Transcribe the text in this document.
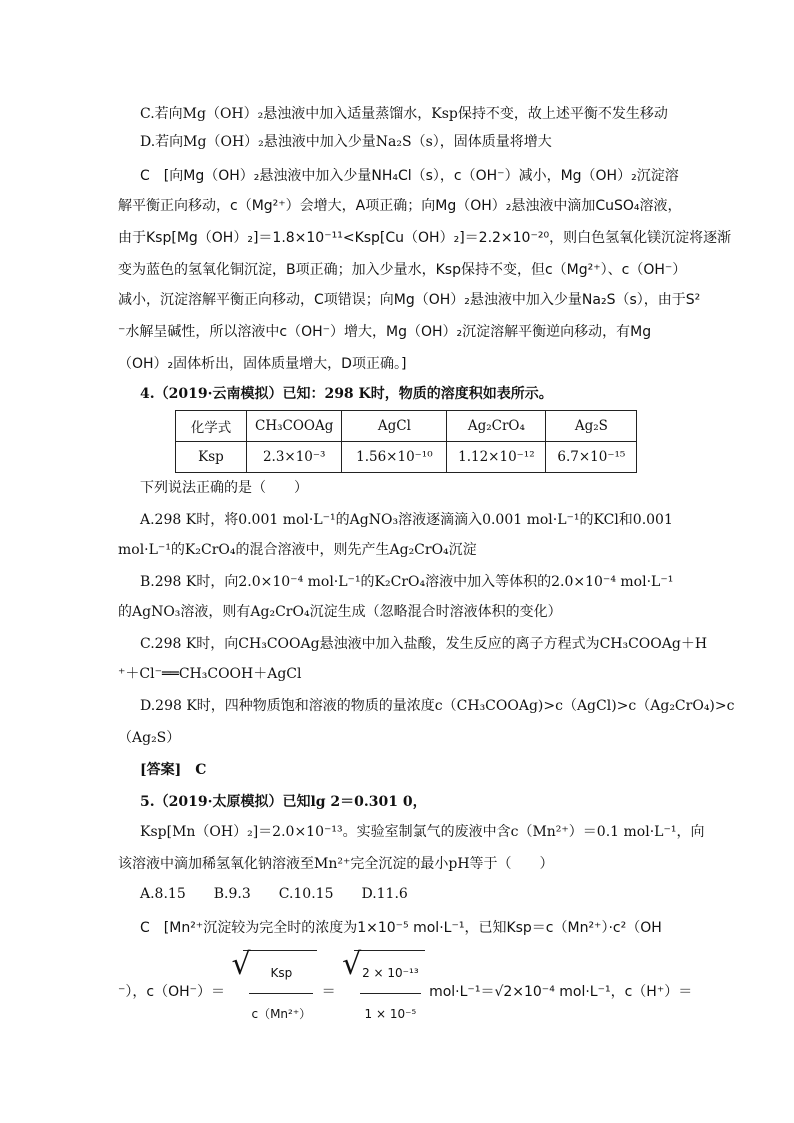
C.若向Mg（OH）₂悬浊液中加入适量蒸馏水，Ksp保持不变，故上述平衡不发生移动
D.若向Mg（OH）₂悬浊液中加入少量Na₂S（s），固体质量将增大
C　[向Mg（OH）₂悬浊液中加入少量NH₄Cl（s），c（OH⁻）减小，Mg（OH）₂沉淀溶
解平衡正向移动，c（Mg²⁺）会增大，A项正确；向Mg（OH）₂悬浊液中滴加CuSO₄溶液，
由于Ksp[Mg（OH）₂]＝1.8×10⁻¹¹<Ksp[Cu（OH）₂]＝2.2×10⁻²⁰，则白色氢氧化镁沉淀将逐渐
变为蓝色的氢氧化铜沉淀，B项正确；加入少量水，Ksp保持不变，但c（Mg²⁺）、c（OH⁻）
减小，沉淀溶解平衡正向移动，C项错误；向Mg（OH）₂悬浊液中加入少量Na₂S（s），由于S²
⁻水解呈碱性，所以溶液中c（OH⁻）增大，Mg（OH）₂沉淀溶解平衡逆向移动，有Mg
（OH）₂固体析出，固体质量增大，D项正确。]
4.（2019·云南模拟）已知：298 K时，物质的溶度积如表所示。
化学式	CH₃COOAg	AgCl	Ag₂CrO₄	Ag₂S
Ksp	2.3×10⁻³	1.56×10⁻¹⁰	1.12×10⁻¹²	6.7×10⁻¹⁵
下列说法正确的是（　　）
A.298 K时，将0.001 mol·L⁻¹的AgNO₃溶液逐滴滴入0.001 mol·L⁻¹的KCl和0.001
mol·L⁻¹的K₂CrO₄的混合溶液中，则先产生Ag₂CrO₄沉淀
B.298 K时，向2.0×10⁻⁴ mol·L⁻¹的K₂CrO₄溶液中加入等体积的2.0×10⁻⁴ mol·L⁻¹
的AgNO₃溶液，则有Ag₂CrO₄沉淀生成（忽略混合时溶液体积的变化）
C.298 K时，向CH₃COOAg悬浊液中加入盐酸，发生反应的离子方程式为CH₃COOAg＋H
⁺＋Cl⁻══CH₃COOH＋AgCl
D.298 K时，四种物质饱和溶液的物质的量浓度c（CH₃COOAg)>c（AgCl)>c（Ag₂CrO₄)>c
（Ag₂S）
[答案]　C
5.（2019·太原模拟）已知lg 2＝0.301 0，
Ksp[Mn（OH）₂]＝2.0×10⁻¹³。实验室制氯气的废液中含c（Mn²⁺）＝0.1 mol·L⁻¹，向
该溶液中滴加稀氢氧化钠溶液至Mn²⁺完全沉淀的最小pH等于（　　）
A.8.15　　B.9.3　　C.10.15　　D.11.6
C　[Mn²⁺沉淀较为完全时的浓度为1×10⁻⁵ mol·L⁻¹，已知Ksp＝c（Mn²⁺）·c²（OH
⁻），c（OH⁻）＝ √ $\frac{\text{Ksp}}{\text{c（Mn²⁺）}}$ ＝ √ $\frac{\text{2 × 10⁻¹³}}{\text{1 × 10⁻⁵}} mol\cdot L^{-1}=√2\times 10^{-4}$ mol·L⁻¹，c（H⁺）＝
